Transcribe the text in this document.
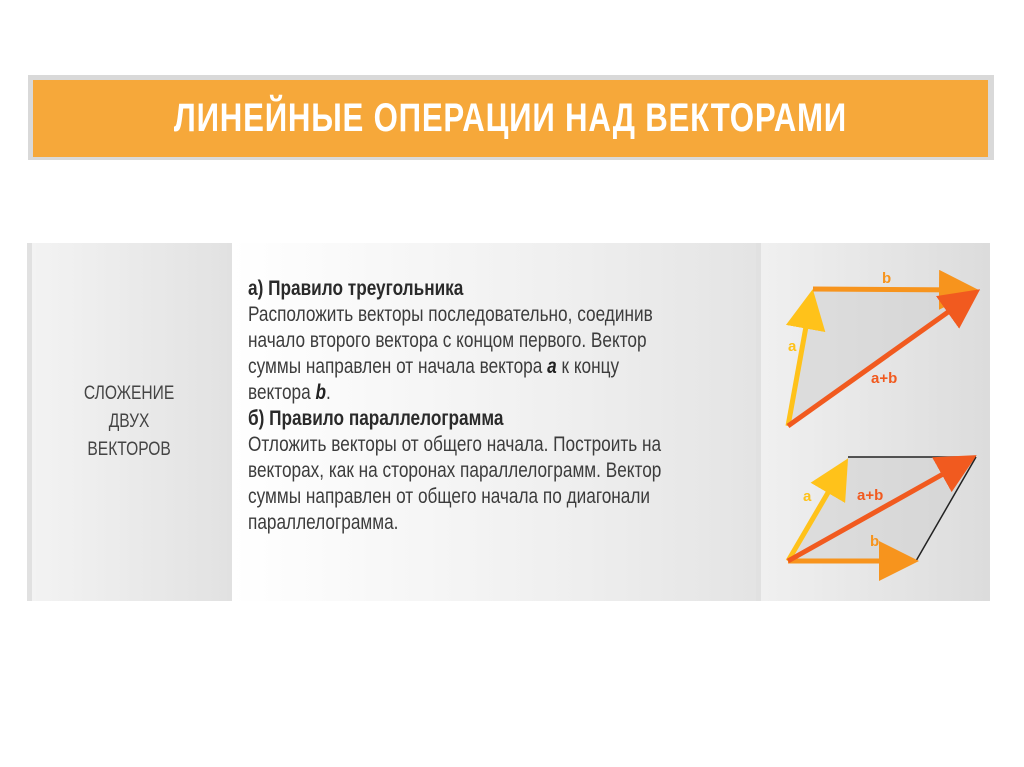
ЛИНЕЙНЫЕ ОПЕРАЦИИ НАД ВЕКТОРАМИ
СЛОЖЕНИЕ
ДВУХ
ВЕКТОРОВ
а) Правило треугольника
Расположить векторы последовательно, соединив
начало второго вектора с концом первого. Вектор
суммы направлен от начала вектора a к концу
вектора b.
б) Правило параллелограмма
Отложить векторы от общего начала. Построить на
векторах, как на сторонах параллелограмм. Вектор
суммы направлен от общего начала по диагонали
параллелограмма.
a
b
a+b
a
b
a+b
